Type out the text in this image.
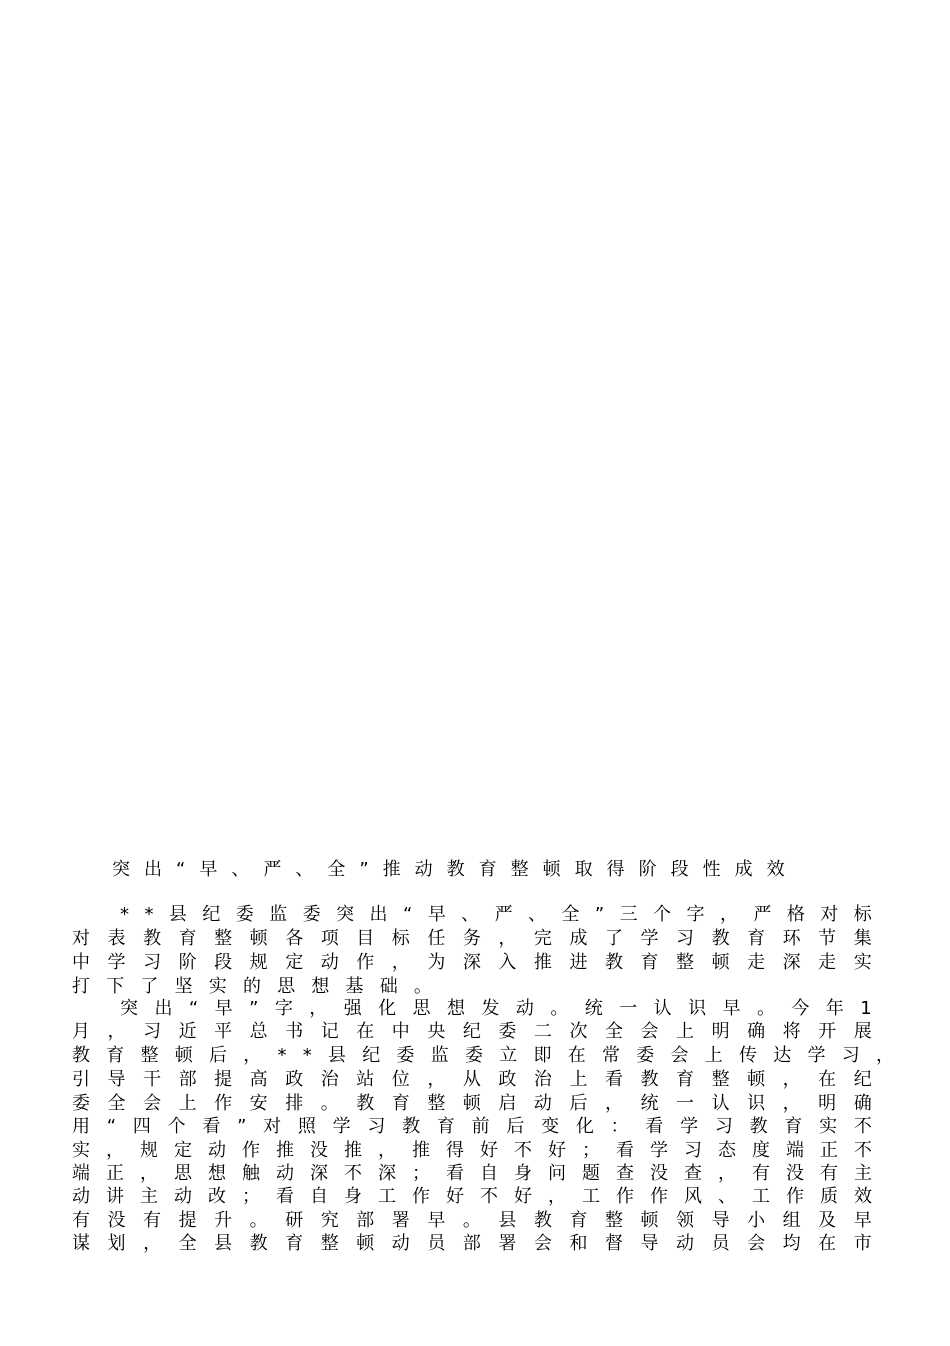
突出“早、严、全”推动教育整顿取得阶段性成效
* * 县 纪 委 监 委 突 出 “ 早 、 严 、 全 ” 三 个 字 ， 严 格 对 标
对 表 教 育 整 顿 各 项 目 标 任 务 ， 完 成 了 学 习 教 育 环 节 集
中 学 习 阶 段 规 定 动 作 ， 为 深 入 推 进 教 育 整 顿 走 深 走 实
打 下 了 坚 实 的 思 想 基 础 。
突 出 “ 早 ” 字 ， 强 化 思 想 发 动 。 统 一 认 识 早 。 今 年 1
月 ， 习 近 平 总 书 记 在 中 央 纪 委 二 次 全 会 上 明 确 将 开 展
教 育 整 顿 后 ， * * 县 纪 委 监 委 立 即 在 常 委 会 上 传 达 学 习 ，
引 导 干 部 提 高 政 治 站 位 ， 从 政 治 上 看 教 育 整 顿 ， 在 纪
委 全 会 上 作 安 排 。 教 育 整 顿 启 动 后 ， 统 一 认 识 ， 明 确
用 “ 四 个 看 ” 对 照 学 习 教 育 前 后 变 化 ： 看 学 习 教 育 实 不
实 ， 规 定 动 作 推 没 推 ， 推 得 好 不 好 ； 看 学 习 态 度 端 正 不
端 正 ， 思 想 触 动 深 不 深 ； 看 自 身 问 题 查 没 查 ， 有 没 有 主
动 讲 主 动 改 ； 看 自 身 工 作 好 不 好 ， 工 作 作 风 、 工 作 质 效
有 没 有 提 升 。 研 究 部 署 早 。 县 教 育 整 顿 领 导 小 组 及 早
谋 划 ， 全 县 教 育 整 顿 动 员 部 署 会 和 督 导 动 员 会 均 在 市
